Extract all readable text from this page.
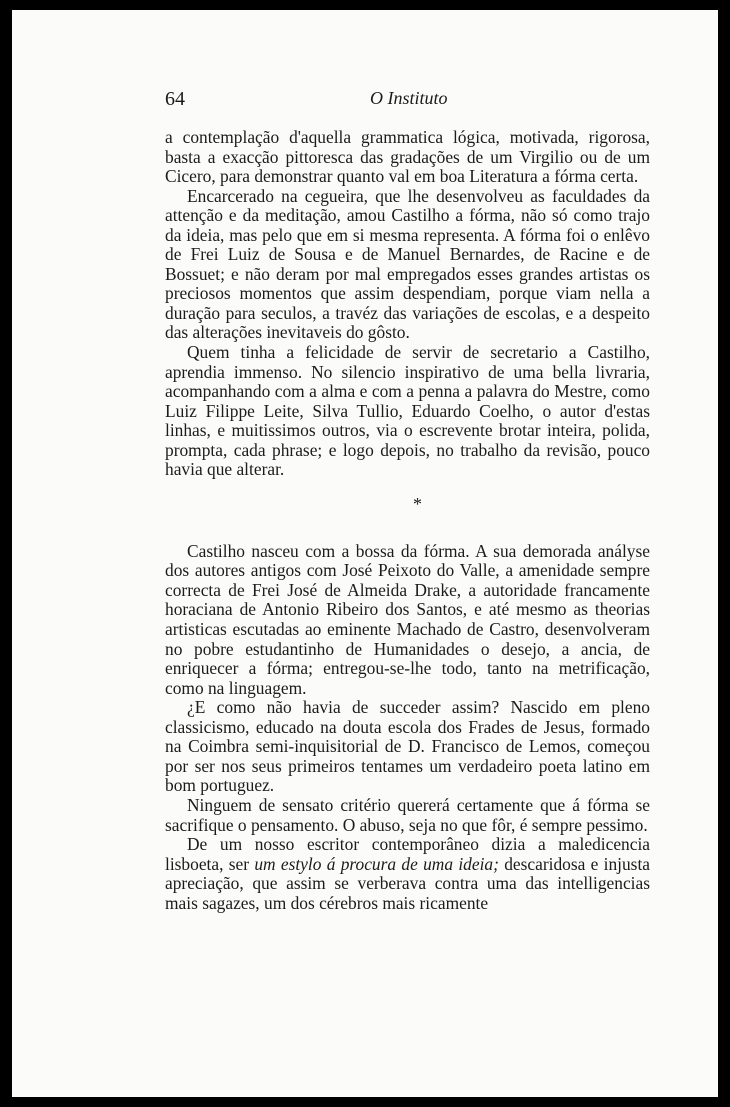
64	O Instituto

a contemplação d'aquella grammatica lógica, motivada, rigorosa, basta a exacção pittoresca das gradações de um Virgilio ou de um Cicero, para demonstrar quanto val em boa Literatura a fórma certa.

Encarcerado na cegueira, que lhe desenvolveu as faculdades da attenção e da meditação, amou Castilho a fórma, não só como trajo da ideia, mas pelo que em si mesma representa. A fórma foi o enlêvo de Frei Luiz de Sousa e de Manuel Bernardes, de Racine e de Bossuet; e não deram por mal empregados esses grandes artistas os preciosos momentos que assim despendiam, porque viam nella a duração para seculos, a travéz das variações de escolas, e a despeito das alterações inevitaveis do gôsto.

Quem tinha a felicidade de servir de secretario a Castilho, aprendia immenso. No silencio inspirativo de uma bella livraria, acompanhando com a alma e com a penna a palavra do Mestre, como Luiz Filippe Leite, Silva Tullio, Eduardo Coelho, o autor d'estas linhas, e muitissimos outros, via o escrevente brotar inteira, polida, prompta, cada phrase; e logo depois, no trabalho da revisão, pouco havia que alterar.

*

Castilho nasceu com a bossa da fórma. A sua demorada anályse dos autores antigos com José Peixoto do Valle, a amenidade sempre correcta de Frei José de Almeida Drake, a autoridade francamente horaciana de Antonio Ribeiro dos Santos, e até mesmo as theorias artisticas escutadas ao eminente Machado de Castro, desenvolveram no pobre estudantinho de Humanidades o desejo, a ancia, de enriquecer a fórma; entregou-se-lhe todo, tanto na metrificação, como na linguagem.

¿E como não havia de succeder assim? Nascido em pleno classicismo, educado na douta escola dos Frades de Jesus, formado na Coimbra semi-inquisitorial de D. Francisco de Lemos, começou por ser nos seus primeiros tentames um verdadeiro poeta latino em bom portuguez.

Ninguem de sensato critério quererá certamente que á fórma se sacrifique o pensamento. O abuso, seja no que fôr, é sempre pessimo.

De um nosso escritor contemporâneo dizia a maledicencia lisboeta, ser um estylo á procura de uma ideia; descaridosa e injusta apreciação, que assim se verberava contra uma das intelligencias mais sagazes, um dos cérebros mais ricamente
